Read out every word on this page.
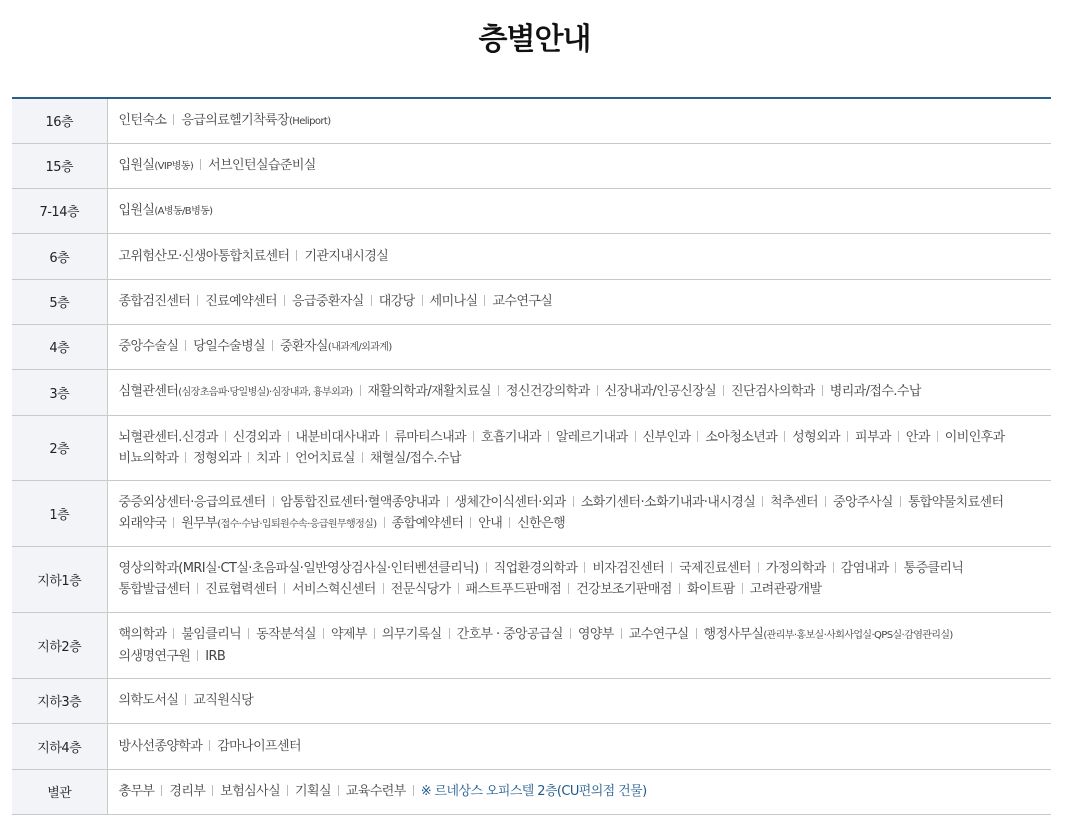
층별안내
16층	인턴숙소 응급의료헬기착륙장(Heliport)

15층	입원실(VIP병동) 서브인턴실습준비실

7-14층	입원실(A병동/B병동)

6층	고위험산모·신생아통합치료센터 기관지내시경실

5층	종합검진센터 진료예약센터 응급중환자실 대강당 세미나실 교수연구실

4층	중앙수술실 당일수술병실 중환자실(내과계/외과계)

3층	심혈관센터(심장초음파·당일병실)·심장내과, 흉부외과) 재활의학과/재활치료실 정신건강의학과 신장내과/인공신장실 진단검사의학과 병리과/접수.수납

2층	뇌혈관센터.신경과 신경외과 내분비대사내과 류마티스내과 호흡기내과 알레르기내과 신부인과 소아청소년과 성형외과 피부과 안과 이비인후과
비뇨의학과 정형외과 치과 언어치료실 채혈실/접수.수납

1층	중증외상센터·응급의료센터 암통합진료센터·혈액종양내과 생체간이식센터·외과 소화기센터·소화기내과·내시경실 척추센터 중앙주사실 통합약물치료센터
외래약국 원무부(접수·수납·입퇴원수속·응급원무행정실) 종합예약센터 안내 신한은행

지하1층	영상의학과(MRI실·CT실·초음파실·일반영상검사실·인터벤션클리닉) 직업환경의학과 비자검진센터 국제진료센터 가정의학과 감염내과 통증클리닉
통합발급센터 진료협력센터 서비스혁신센터 전문식당가 패스트푸드판매점 건강보조기판매점 화이트팜 고려관광개발

지하2층	핵의학과 불임클리닉 동작분석실 약제부 의무기록실 간호부 · 중앙공급실 영양부 교수연구실 행정사무실(관리부·홍보실·사회사업실·QPS실·감염관리실)
의생명연구원 IRB

지하3층	의학도서실 교직원식당

지하4층	방사선종양학과 감마나이프센터

별관	총무부 경리부 보험심사실 기획실 교육수련부 ※ 르네상스 오피스텔 2층(CU편의점 건물)
